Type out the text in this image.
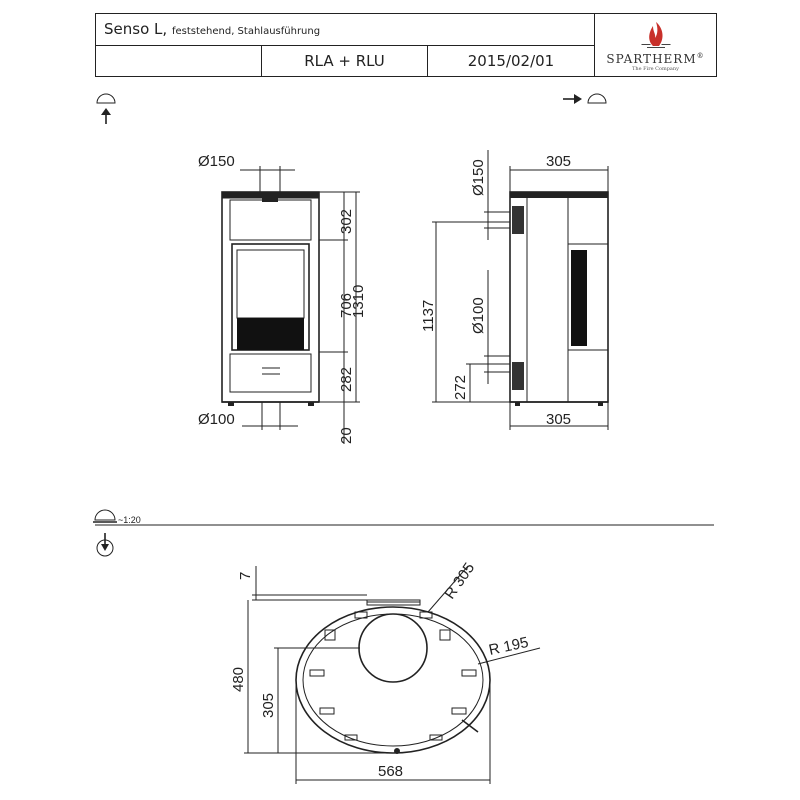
Senso L, feststehend, Stahlausführung
RLA + RLU	2015/02/01	SPARTHERM®
The Fire Company
Ø150
Ø100
302
706
1310
282
20
Ø150	305
1137 Ø100
272
305
~1:20
7	R 305
R 195
480
305
568
